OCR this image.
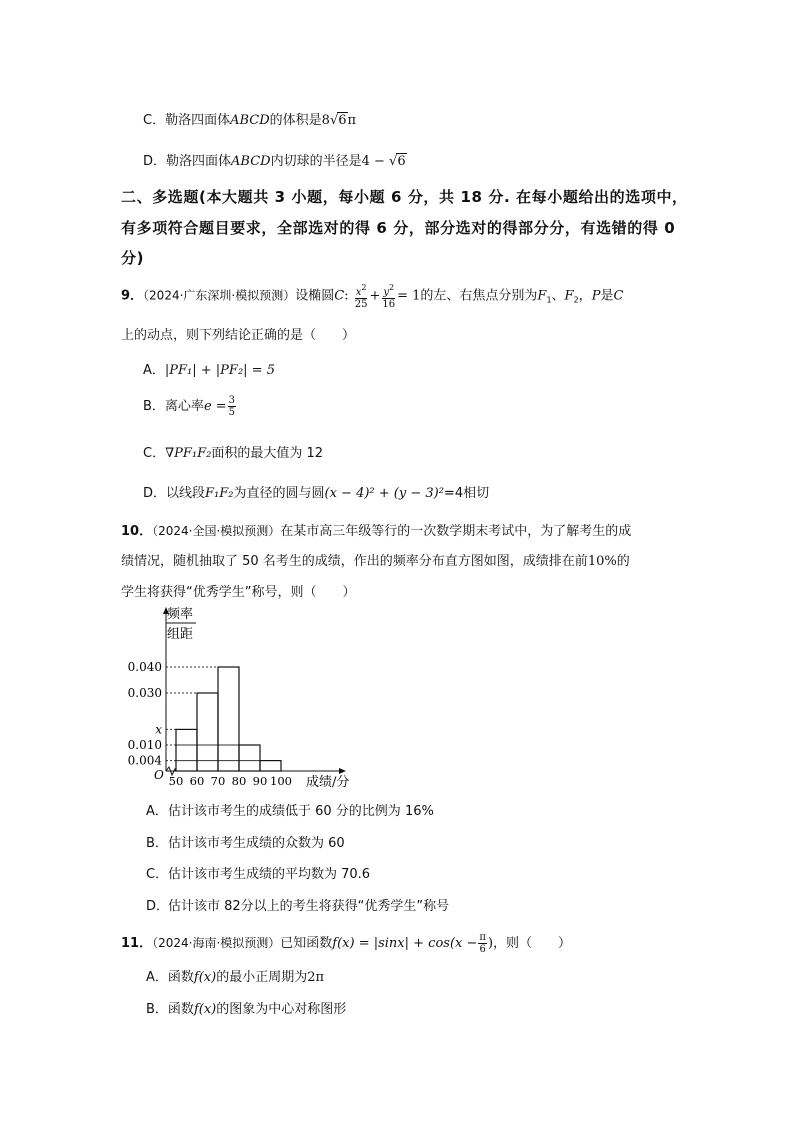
C．勒洛四面体ABCD的体积是8√6π
D．勒洛四面体ABCD内切球的半径是4 − √6
二、多选题(本大题共 3 小题，每小题 6 分，共 18 分. 在每小题给出的选项中，
有多项符合题目要求，全部选对的得 6 分，部分选对的得部分分，有选错的得 0
分)
9．（2024·广东深圳·模拟预测）设椭圆C: $\frac{x^2}{25} + \frac{y^2}{16} = 1$的左、右焦点分别为$F_1$、$F_2$，P是C
上的动点，则下列结论正确的是（　　）
A．|PF₁| + |PF₂| = 5
B．离心率$e = \frac{3}{5}$
C．∇PF₁F₂面积的最大值为 12
D．以线段F₁F₂为直径的圆与圆(x − 4)² + (y − 3)²=4相切
10．（2024·全国·模拟预测）在某市高三年级等行的一次数学期末考试中，为了解考生的成
绩情况，随机抽取了 50 名考生的成绩，作出的频率分布直方图如图，成绩排在前10%的
学生将获得“优秀学生”称号，则（　　）
0.004
0.010
x
0.030
0.040
50 60 70 80 90 100
O	成绩/分
频率
组距
A． 估计该市考生的成绩低于 60 分的比例为 16%
B． 估计该市考生成绩的众数为 60
C． 估计该市考生成绩的平均数为 70.6
D．
估计该市 82分以上的考生将获得“优秀学生”称号
11．（2024·海南·模拟预测）已知函数$f(x) = |\sin x| + \cos(x - \frac{\pi}{6}$ )，则（　　）
A．函数f(x)的最小正周期为2π
B．函数f(x)的图象为中心对称图形
